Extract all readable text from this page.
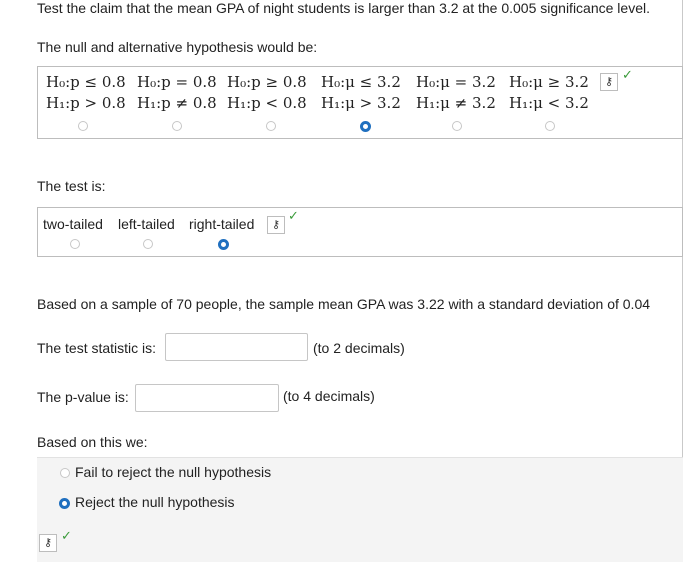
Test the claim that the mean GPA of night students is larger than 3.2 at the 0.005 significance level.
The null and alternative hypothesis would be:
H₀:p ≤ 0.8
H₁:p > 0.8
H₀:p = 0.8
H₁:p ≠ 0.8
H₀:p ≥ 0.8
H₁:p < 0.8
H₀:μ ≤ 3.2
H₁:μ > 3.2
H₀:μ = 3.2
H₁:μ ≠ 3.2
H₀:μ ≥ 3.2
H₁:μ < 3.2
⚷ ✓
The test is:
two-tailed left-tailed right-tailed	⚷
✓
Based on a sample of 70 people, the sample mean GPA was 3.22 with a standard deviation of 0.04
The test statistic is:	(to 2 decimals)
The p-value is:	(to 4 decimals)
Based on this we:
Fail to reject the null hypothesis
Reject the null hypothesis
⚷ ✓
